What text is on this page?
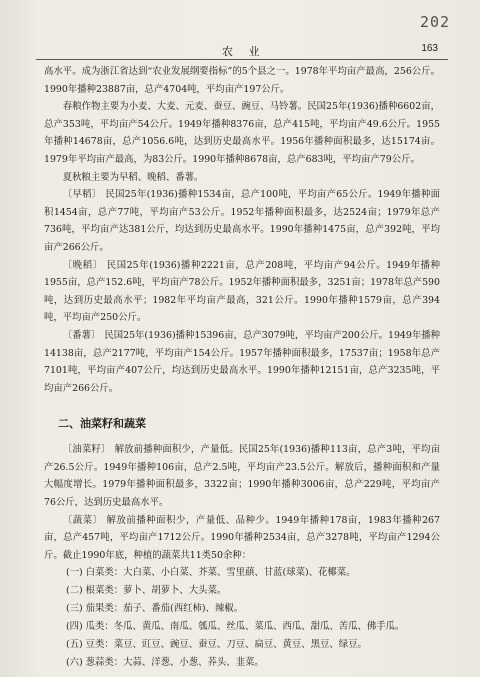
202
农 业	163

高水平。成为浙江省达到“农业发展纲要指标”的5个县之一。1978年平均亩产最高，256公斤。1990年播种23887亩，总产4704吨，平均亩产197公斤。

春粮作物主要为小麦、大麦、元麦、蚕豆、豌豆、马铃薯。民国25年(1936)播种6602亩，总产353吨，平均亩产54公斤。1949年播种8376亩，总产415吨，平均亩产49.6公斤。1955年播种14678亩，总产1056.6吨，达到历史最高水平。1956年播种面积最多，达15174亩。1979年平均亩产最高，为83公斤。1990年播种8678亩，总产683吨，平均亩产79公斤。

夏秋粮主要为早稻、晚稻、番薯。

〔早稻〕 民国25年(1936)播种1534亩，总产100吨，平均亩产65公斤。1949年播种面积1454亩，总产77吨，平均亩产53公斤。1952年播种面积最多，达2524亩；1979年总产736吨，平均亩产达381公斤，均达到历史最高水平。1990年播种1475亩，总产392吨，平均亩产266公斤。

〔晚稻〕 民国25年(1936)播种2221亩，总产208吨，平均亩产94公斤。1949年播种1955亩，总产152.6吨，平均亩产78公斤。1952年播种面积最多，3251亩；1978年总产590吨，达到历史最高水平；1982年平均亩产最高，321公斤。1990年播种1579亩，总产394吨，平均亩产250公斤。

〔番薯〕 民国25年(1936)播种15396亩，总产3079吨，平均亩产200公斤。1949年播种14138亩，总产2177吨，平均亩产154公斤。1957年播种面积最多，17537亩；1958年总产7101吨，平均亩产407公斤，均达到历史最高水平。1990年播种12151亩，总产3235吨，平均亩产266公斤。

二、油菜籽和蔬菜

〔油菜籽〕 解放前播种面积少，产量低。民国25年(1936)播种113亩，总产3吨，平均亩产26.5公斤。1949年播种106亩，总产2.5吨，平均亩产23.5公斤。解放后，播种面积和产量大幅度增长。1979年播种面积最多，3322亩；1990年播种3006亩，总产229吨，平均亩产76公斤，达到历史最高水平。

〔蔬菜〕 解放前播种面积少，产量低、品种少。1949年播种178亩，1983年播种267亩，总产457吨，平均亩产1712公斤。1990年播种2534亩，总产3278吨，平均亩产1294公斤。截止1990年底，种植的蔬菜共11类50余种：

(一) 白菜类：大白菜、小白菜、芥菜、雪里蕻、甘蓝(球菜)、花椰菜。
(二) 根菜类：萝卜、胡萝卜、大头菜。
(三) 茄果类：茄子、番茄(西红柿)、辣椒。
(四) 瓜类：冬瓜、黄瓜、南瓜、瓠瓜、丝瓜、菜瓜、西瓜、甜瓜、苦瓜、佛手瓜。
(五) 豆类：菜豆、豇豆、豌豆、蚕豆、刀豆、扁豆、黄豆、黑豆、绿豆。
(六) 葱蒜类：大蒜、洋葱、小葱、荞头、韭菜。
